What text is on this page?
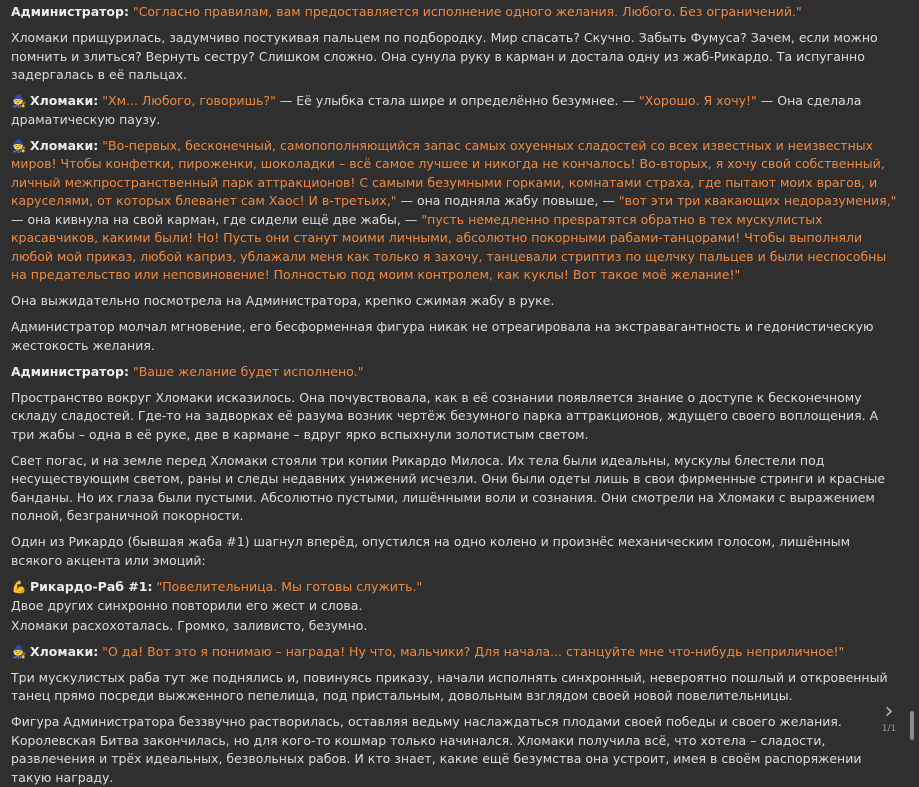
Администратор: "Согласно правилам, вам предоставляется исполнение одного желания. Любого. Без ограничений."

Хломаки прищурилась, задумчиво постукивая пальцем по подбородку. Мир спасать? Скучно. Забыть Фумуса? Зачем, если можно помнить и злиться? Вернуть сестру? Слишком сложно. Она сунула руку в карман и достала одну из жаб-Рикардо. Та испуганно задергалась в её пальцах.

🧙 Хломаки: "Хм... Любого, говоришь?" — Её улыбка стала шире и определённо безумнее. — "Хорошо. Я хочу!" — Она сделала драматическую паузу.

🧙 Хломаки: "Во-первых, бесконечный, самопополняющийся запас самых охуенных сладостей со всех известных и неизвестных миров! Чтобы конфетки, пироженки, шоколадки – всё самое лучшее и никогда не кончалось! Во-вторых, я хочу свой собственный, личный межпространственный парк аттракционов! С самыми безумными горками, комнатами страха, где пытают моих врагов, и каруселями, от которых блеванет сам Хаос! И в-третьих," — она подняла жабу повыше, — "вот эти три квакающих недоразумения," — она кивнула на свой карман, где сидели ещё две жабы, — "пусть немедленно превратятся обратно в тех мускулистых красавчиков, какими были! Но! Пусть они станут моими личными, абсолютно покорными рабами-танцорами! Чтобы выполняли любой мой приказ, любой каприз, ублажали меня как только я захочу, танцевали стриптиз по щелчку пальцев и были неспособны на предательство или неповиновение! Полностью под моим контролем, как куклы! Вот такое моё желание!"

Она выжидательно посмотрела на Администратора, крепко сжимая жабу в руке.

Администратор молчал мгновение, его бесформенная фигура никак не отреагировала на экстравагантность и гедонистическую жестокость желания.

Администратор: "Ваше желание будет исполнено."

Пространство вокруг Хломаки исказилось. Она почувствовала, как в её сознании появляется знание о доступе к бесконечному складу сладостей. Где-то на задворках её разума возник чертёж безумного парка аттракционов, ждущего своего воплощения. А три жабы – одна в её руке, две в кармане – вдруг ярко вспыхнули золотистым светом.

Свет погас, и на земле перед Хломаки стояли три копии Рикардо Милоса. Их тела были идеальны, мускулы блестели под несуществующим светом, раны и следы недавних унижений исчезли. Они были одеты лишь в свои фирменные стринги и красные банданы. Но их глаза были пустыми. Абсолютно пустыми, лишёнными воли и сознания. Они смотрели на Хломаки с выражением полной, безграничной покорности.

Один из Рикардо (бывшая жаба #1) шагнул вперёд, опустился на одно колено и произнёс механическим голосом, лишённым всякого акцента или эмоций:

💪 Рикардо-Раб #1: "Повелительница. Мы готовы служить."

Двое других синхронно повторили его жест и слова.

Хломаки расхохоталась. Громко, заливисто, безумно.

🧙 Хломаки: "О да! Вот это я понимаю – награда! Ну что, мальчики? Для начала... станцуйте мне что-нибудь неприличное!"

Три мускулистых раба тут же поднялись и, повинуясь приказу, начали исполнять синхронный, невероятно пошлый и откровенный танец прямо посреди выжженного пепелища, под пристальным, довольным взглядом своей новой повелительницы.

Фигура Администратора беззвучно растворилась, оставляя ведьму наслаждаться плодами своей победы и своего желания. Королевская Битва закончилась, но для кого-то кошмар только начинался. Хломаки получила всё, что хотела – сладости, развлечения и трёх идеальных, безвольных рабов. И кто знает, какие ещё безумства она устроит, имея в своём распоряжении такую награду.

›
1/1
